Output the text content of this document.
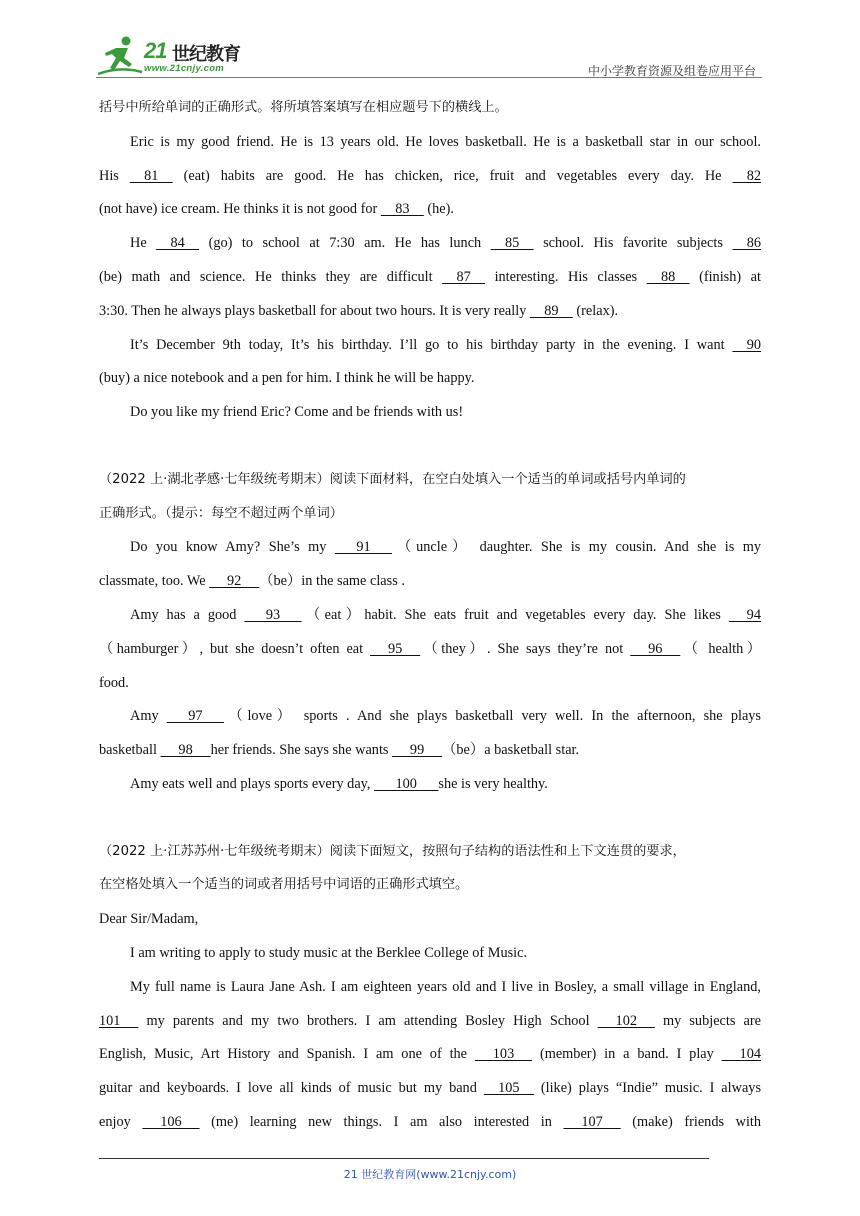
21 世纪教育
www.21cnjy.com	中小学教育资源及组卷应用平台
括号中所给单词的正确形式。将所填答案填写在相应题号下的横线上。
Eric is my good friend. He is 13 years old. He loves basketball. He is a basketball star in our school.
His     81     (eat) habits are good. He has chicken, rice, fruit and vegetables every day. He     82
(not have) ice cream. He thinks it is not good for     83     (he).
He     84     (go) to school at 7:30 am. He has lunch     85     school. His favorite subjects     86
(be) math and science. He thinks they are difficult     87     interesting. His classes     88     (finish) at
3:30. Then he always plays basketball for about two hours. It is very really     89     (relax).
It’s December 9th today, It’s his birthday. I’ll go to his birthday party in the evening. I want     90
(buy) a nice notebook and a pen for him. I think he will be happy.
Do you like my friend Eric? Come and be friends with us!
（2022 上·湖北孝感·七年级统考期末）阅读下面材料，在空白处填入一个适当的单词或括号内单词的
正确形式。（提示：每空不超过两个单词）
Do you know Amy? She’s my       91      （uncle） daughter. She is my cousin. And she is my
classmate, too. We      92     （be）in the same class .
Amy has a good       93      （eat）habit. She eats fruit and vegetables every day. She likes      94
（hamburger）, but she doesn’t often eat      95     （they）. She says they’re not      96     （ health）
food.
Amy       97      （love） sports . And she plays basketball very well. In the afternoon, she plays
basketball      98     her friends. She says she wants      99     （be）a basketball star.
Amy eats well and plays sports every day,       100      she is very healthy.
（2022 上·江苏苏州·七年级统考期末）阅读下面短文，按照句子结构的语法性和上下文连贯的要求，
在空格处填入一个适当的词或者用括号中词语的正确形式填空。
Dear Sir/Madam,
I am writing to apply to study music at the Berklee College of Music.
My full name is Laura Jane Ash. I am eighteen years old and I live in Bosley, a small village in England,
101      my parents and my two brothers. I am attending Bosley High School      102      my subjects are
English, Music, Art History and Spanish. I am one of the      103      (member) in a band. I play      104
guitar and keyboards. I love all kinds of music but my band     105     (like) plays “Indie” music. I always
enjoy      106      (me) learning new things. I am also interested in      107      (make) friends with
21 世纪教育网(www.21cnjy.com)
